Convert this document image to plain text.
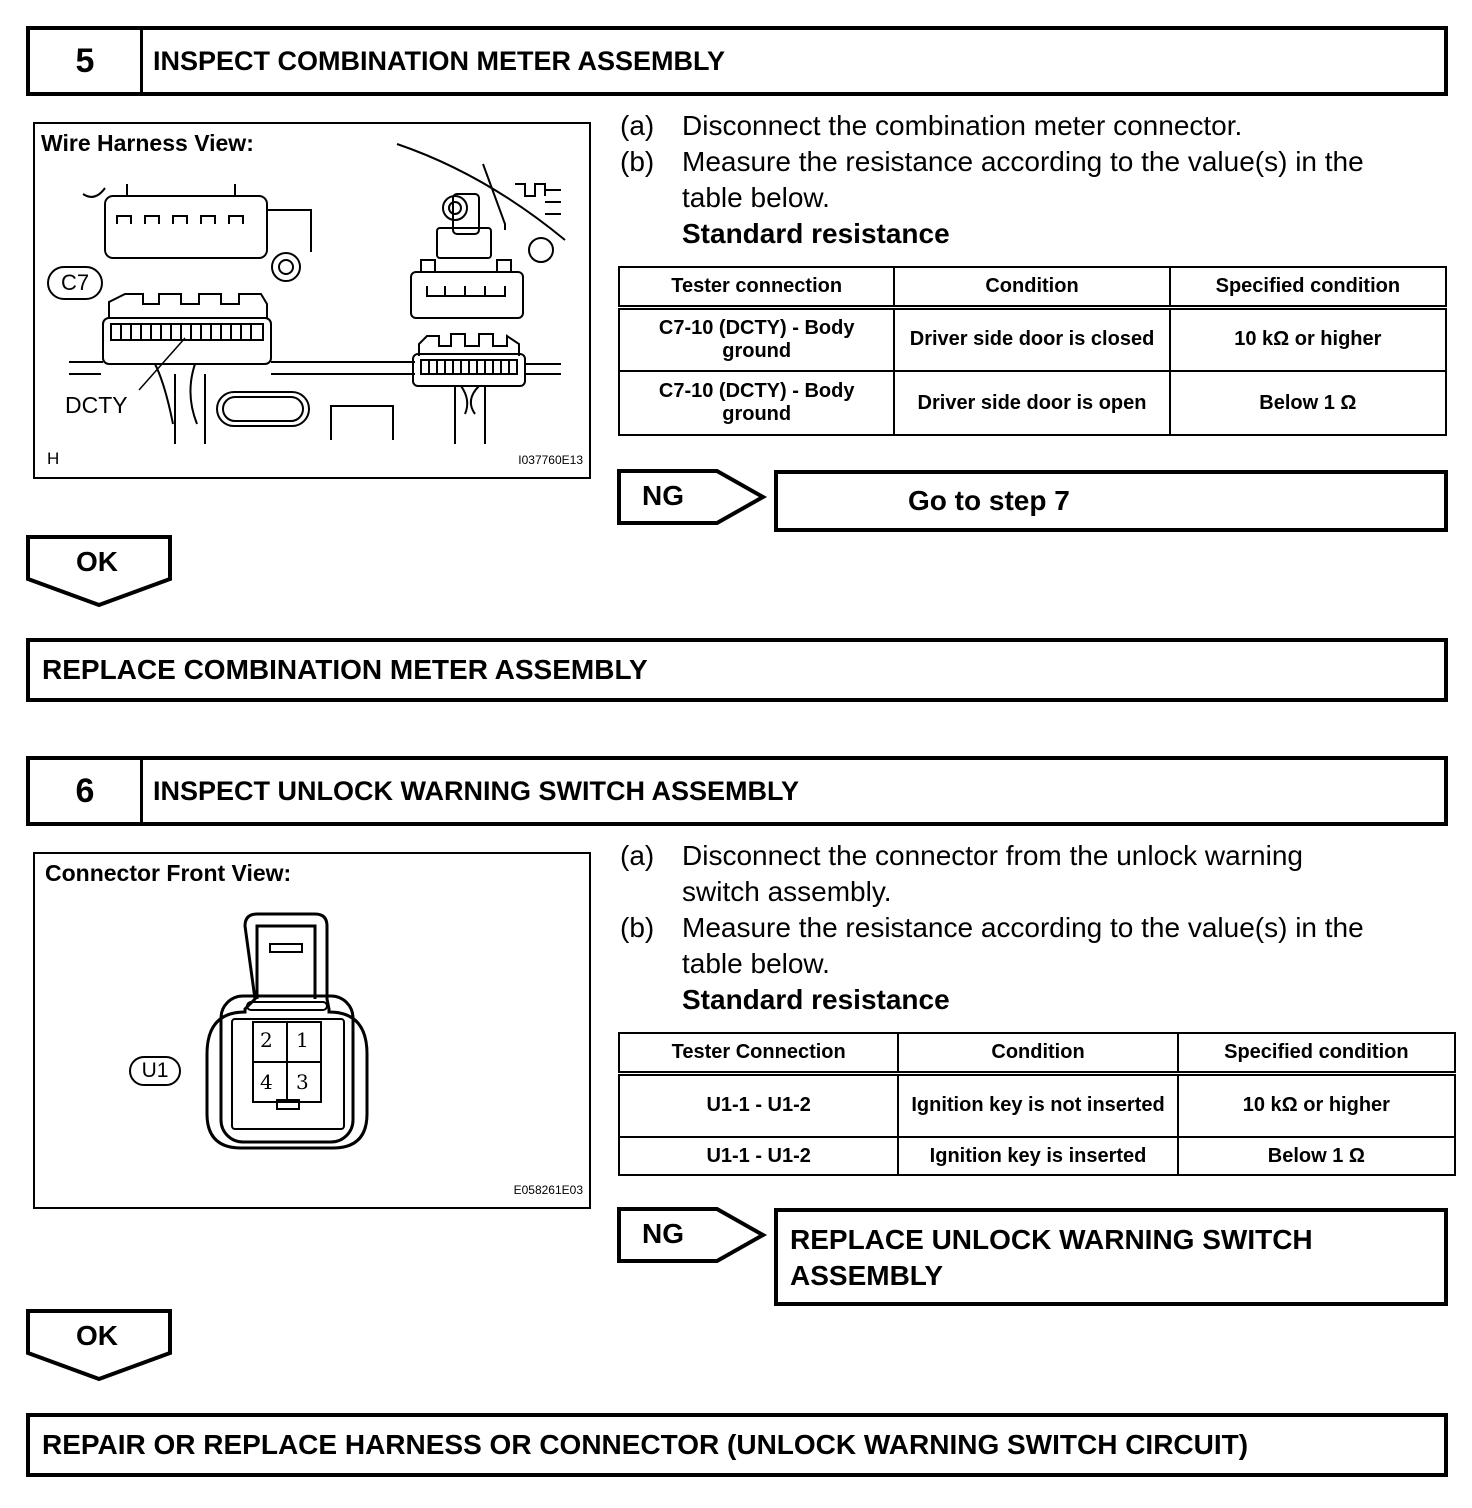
5	INSPECT COMBINATION METER ASSEMBLY
Wire Harness View:
C7
DCTY
H	I037760E13
(a) Disconnect the combination meter connector.
(b) Measure the resistance according to the value(s) in the table below.
Standard resistance
Tester connection	Condition	Specified condition
C7-10 (DCTY) - Body ground	Driver side door is closed	10 kΩ or higher
C7-10 (DCTY) - Body ground	Driver side door is open	Below 1 Ω
NG	Go to step 7
OK
REPLACE COMBINATION METER ASSEMBLY
6	INSPECT UNLOCK WARNING SWITCH ASSEMBLY
Connector Front View:
2 1
4 3
U1
E058261E03
(a) Disconnect the connector from the unlock warning switch assembly.
(b) Measure the resistance according to the value(s) in the table below.
Standard resistance
Tester Connection	Condition	Specified condition
U1-1 - U1-2	Ignition key is not inserted	10 kΩ or higher
U1-1 - U1-2	Ignition key is inserted	Below 1 Ω
NG	REPLACE UNLOCK WARNING SWITCH ASSEMBLY
OK
REPAIR OR REPLACE HARNESS OR CONNECTOR (UNLOCK WARNING SWITCH CIRCUIT)
